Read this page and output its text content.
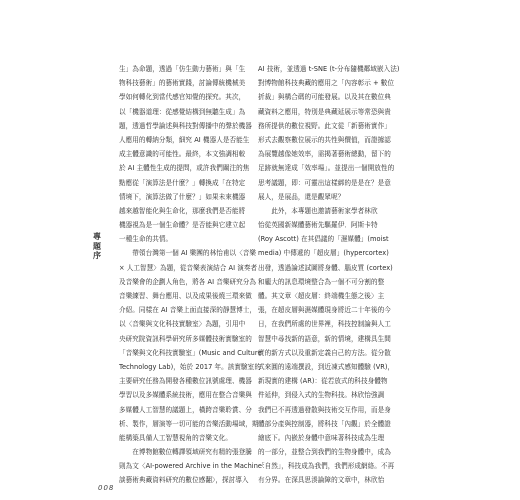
生」為命題，透過「仿生動力藝術」與「生
物科技藝術」的藝術實踐，討論傳統機械美
學如何轉化到當代感官知覺的探究。其次，
以「機器道理：從感覺結構到無聽生成」為
題，透過哲學論述與科技對傳播中的聲於機器
人應用的轉納分類，細究 AI 機器人是否能生
成主體意識的可能性。最終，本文強調相較
於 AI 主體性生成的提問，或許我們關注的焦
點應從「演算法是什麼？」轉換成「在特定
情境下，演算法做了什麼？」如果未來機器
越來越智能化與生命化，那麼我們是否能將
機器視為是一個生命體？是否能與它建立起
一種生命的共情。
　　帶領台灣第一個 AI 樂團的林怡甫以〈音樂
× 人工智慧〉為題，從音樂表演結合 AI 演奏者
及音樂會的企劃人角色，將各 AI 音樂研究分為
音樂練習、舞台應用、以及成果後燒三環來做
介紹。同樣在 AI 音樂上面直接深的靜慧博士，
以〈音樂與文化科技實驗室〉為題，引用中
央研究院資訊科學研究所多媒體技術實驗室的
「音樂與文化科技實驗室」(Music and Culture
Technology Lab)，始於 2017 年。該實驗室的
主要研究任務為開發各種數位訊號處理、機器
學習以及多媒體系統技術，應用在整合音樂與
多媒體人工智慧的議題上，橫跨音樂聆賞、分
析、製作，層演等一切可能的音樂活動場域，期
能構築具備人工智慧視角的音樂文化。
　　在博物館數位轉譯領域研究有精的張登騰
則為文〈AI-powered Archive in the Machine：
談藝術典藏資料研究的數位感翻〉，探討導入
AI 技術，並透過 t-SNE (t-分布隨機鄰域嵌入法)
對博物館科技典藏的應用之「內容彰示 + 數位
折裁」與構合碼的可能發展。以及其在數位典
藏資料之應用，特別是典藏延展示等常恐與貴
務所提供的數位視野。此文從「新藝術實作」
形式去觀察數位展示的共性與價值，而證據認
為展覽越像她效率，需揭著藝術總動，留下的
足跡就無達成「效率場」。並提出一個開放性的
思考議題，即：可靈出這樣綁的是是在？是意
展人，是展品，還是觀眾呢？
　　此外，本專題也邀請藝術家學者林欣
怡從英國新媒體藝術先驅羅伊．阿斯卡特
(Roy Ascott) 在其倡議的「濕媒體」(moist
media) 中傳遞的「超皮層」(hypercortex)
出發，透過論述試圖將身體、腦皮質 (cortex)
和龐大的訊息環境整合為一個不可分割的整
體。其文章〈超皮層：終端機生態之後〉主
張，在超皮層與濕媒體現身將近二十年後的今
日，在我們所處的世界裡，科技控制論與人工
智慧中尋找新的語意，新的情境，建構具生間
實的新方式以及重新定義自己的方法。從分散
式來圓的遠端撰設，到近凍式感知體驗 (VR)，
新現實的建構 (AR)：從若放式的科技身體物
件延伸，到侵入式的生物科技。林欣怡強調
我們已不再透過發散與技術交互作用，而是身
體部分產與控制器，將科技「內觀」於全體證
繪底下。內嵌於身體中意味著科技成為生理
的一部分，並整合到我們的生物身體中，成為
「自然」，科技成為我們，我們形成網絡。不再
有分界。在深具思湊論障的文章中，林欣怡
專
題
序
008
